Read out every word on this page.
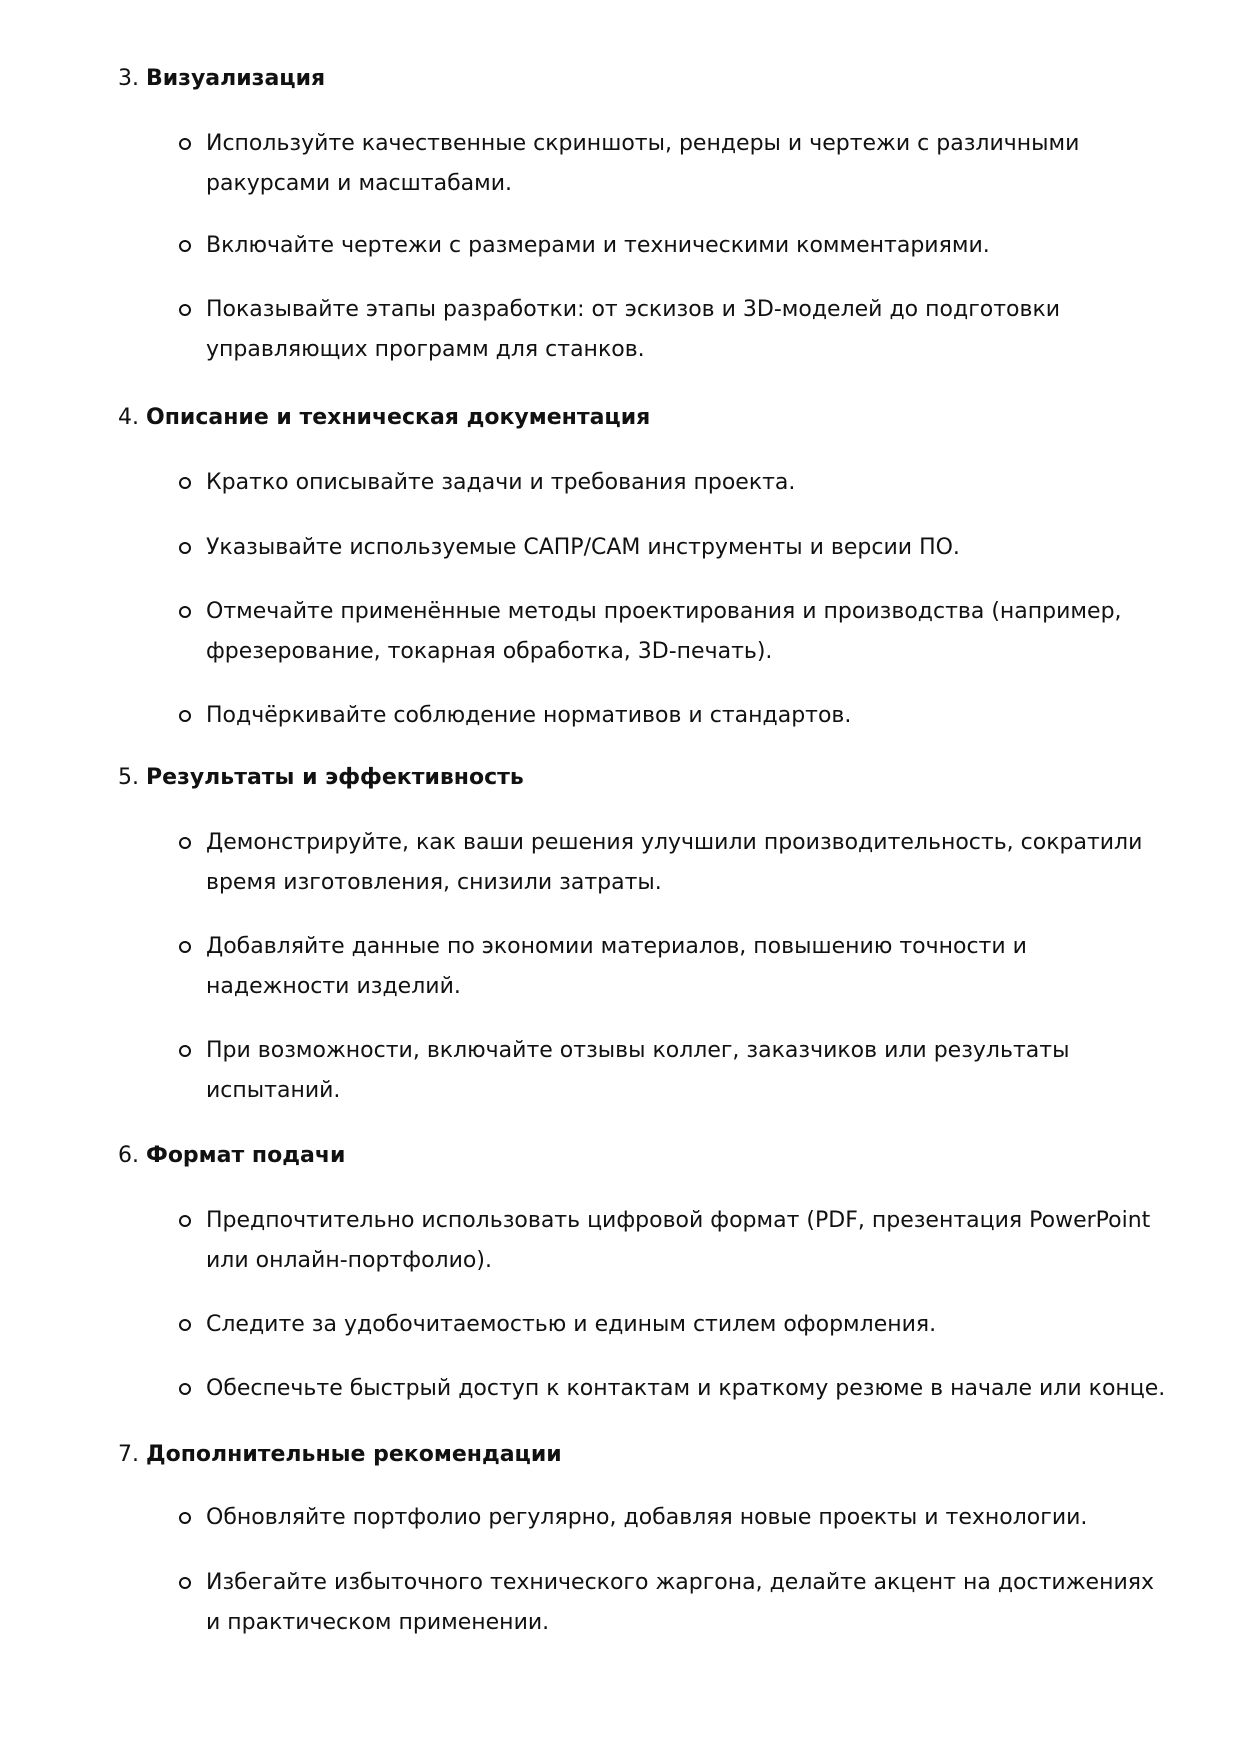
3. Визуализация
Используйте качественные скриншоты, рендеры и чертежи с различными ракурсами и масштабами.
Включайте чертежи с размерами и техническими комментариями.
Показывайте этапы разработки: от эскизов и 3D-моделей до подготовки управляющих программ для станков.
4. Описание и техническая документация
Кратко описывайте задачи и требования проекта.
Указывайте используемые САПР/CAM инструменты и версии ПО.
Отмечайте применённые методы проектирования и производства (например, фрезерование, токарная обработка, 3D-печать).
Подчёркивайте соблюдение нормативов и стандартов.
5. Результаты и эффективность
Демонстрируйте, как ваши решения улучшили производительность, сократили время изготовления, снизили затраты.
Добавляйте данные по экономии материалов, повышению точности и надежности изделий.
При возможности, включайте отзывы коллег, заказчиков или результаты испытаний.
6. Формат подачи
Предпочтительно использовать цифровой формат (PDF, презентация PowerPoint или онлайн-портфолио).
Следите за удобочитаемостью и единым стилем оформления.
Обеспечьте быстрый доступ к контактам и краткому резюме в начале или конце.
7. Дополнительные рекомендации
Обновляйте портфолио регулярно, добавляя новые проекты и технологии.
Избегайте избыточного технического жаргона, делайте акцент на достижениях и практическом применении.
